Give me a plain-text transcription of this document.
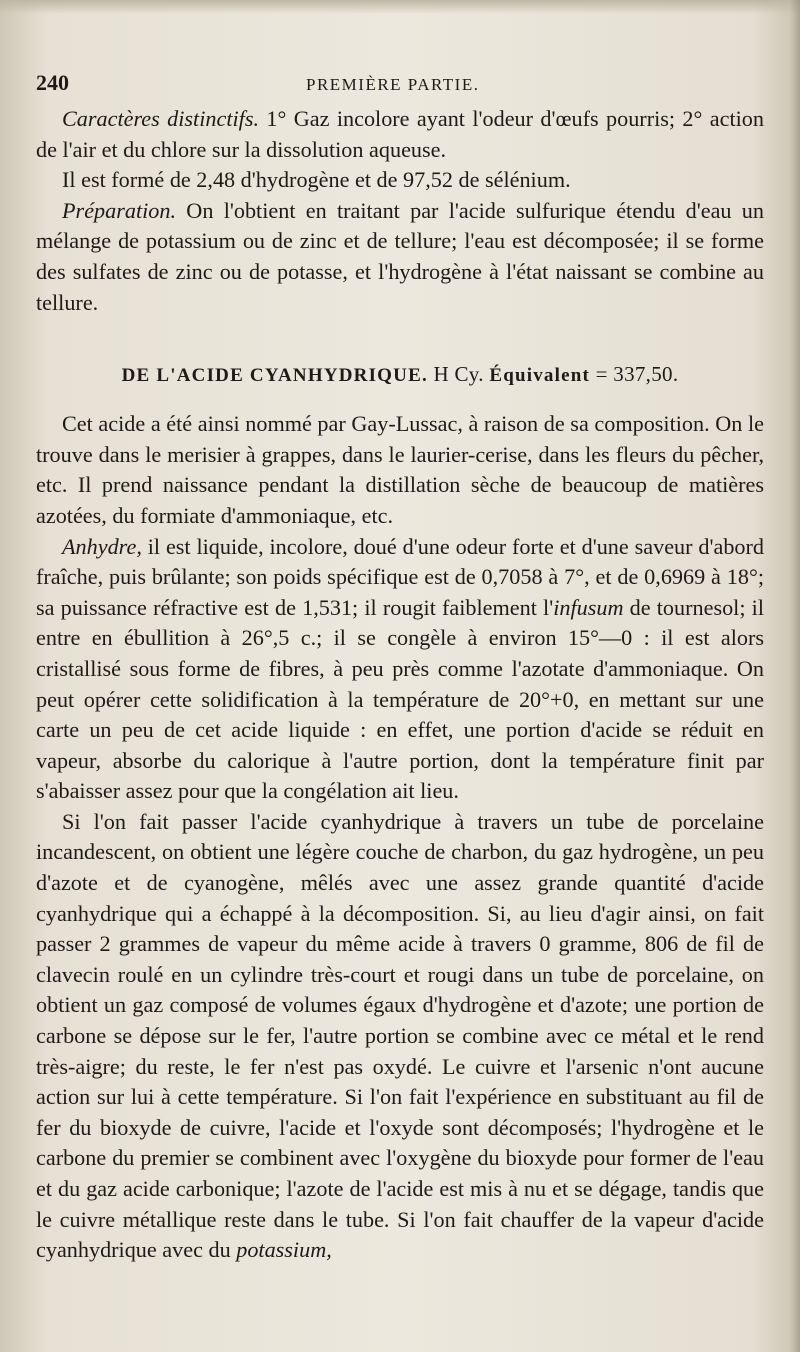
240	PREMIÈRE PARTIE.

Caractères distinctifs. 1° Gaz incolore ayant l'odeur d'œufs pourris; 2° action de l'air et du chlore sur la dissolution aqueuse.

Il est formé de 2,48 d'hydrogène et de 97,52 de sélénium.

Préparation. On l'obtient en traitant par l'acide sulfurique étendu d'eau un mélange de potassium ou de zinc et de tellure; l'eau est décomposée; il se forme des sulfates de zinc ou de potasse, et l'hydrogène à l'état naissant se combine au tellure.

DE L'ACIDE CYANHYDRIQUE. H Cy. Équivalent = 337,50.

Cet acide a été ainsi nommé par Gay-Lussac, à raison de sa composition. On le trouve dans le merisier à grappes, dans le laurier-cerise, dans les fleurs du pêcher, etc. Il prend naissance pendant la distillation sèche de beaucoup de matières azotées, du formiate d'ammoniaque, etc.

Anhydre, il est liquide, incolore, doué d'une odeur forte et d'une saveur d'abord fraîche, puis brûlante; son poids spécifique est de 0,7058 à 7°, et de 0,6969 à 18°; sa puissance réfractive est de 1,531; il rougit faiblement l'infusum de tournesol; il entre en ébullition à 26°,5 c.; il se congèle à environ 15°—0 : il est alors cristallisé sous forme de fibres, à peu près comme l'azotate d'ammoniaque. On peut opérer cette solidification à la température de 20°+0, en mettant sur une carte un peu de cet acide liquide : en effet, une portion d'acide se réduit en vapeur, absorbe du calorique à l'autre portion, dont la température finit par s'abaisser assez pour que la congélation ait lieu.

Si l'on fait passer l'acide cyanhydrique à travers un tube de porcelaine incandescent, on obtient une légère couche de charbon, du gaz hydrogène, un peu d'azote et de cyanogène, mêlés avec une assez grande quantité d'acide cyanhydrique qui a échappé à la décomposition. Si, au lieu d'agir ainsi, on fait passer 2 grammes de vapeur du même acide à travers 0 gramme, 806 de fil de clavecin roulé en un cylindre très-court et rougi dans un tube de porcelaine, on obtient un gaz composé de volumes égaux d'hydrogène et d'azote; une portion de carbone se dépose sur le fer, l'autre portion se combine avec ce métal et le rend très-aigre; du reste, le fer n'est pas oxydé. Le cuivre et l'arsenic n'ont aucune action sur lui à cette température. Si l'on fait l'expérience en substituant au fil de fer du bioxyde de cuivre, l'acide et l'oxyde sont décomposés; l'hydrogène et le carbone du premier se combinent avec l'oxygène du bioxyde pour former de l'eau et du gaz acide carbonique; l'azote de l'acide est mis à nu et se dégage, tandis que le cuivre métallique reste dans le tube. Si l'on fait chauffer de la vapeur d'acide cyanhydrique avec du potassium,
